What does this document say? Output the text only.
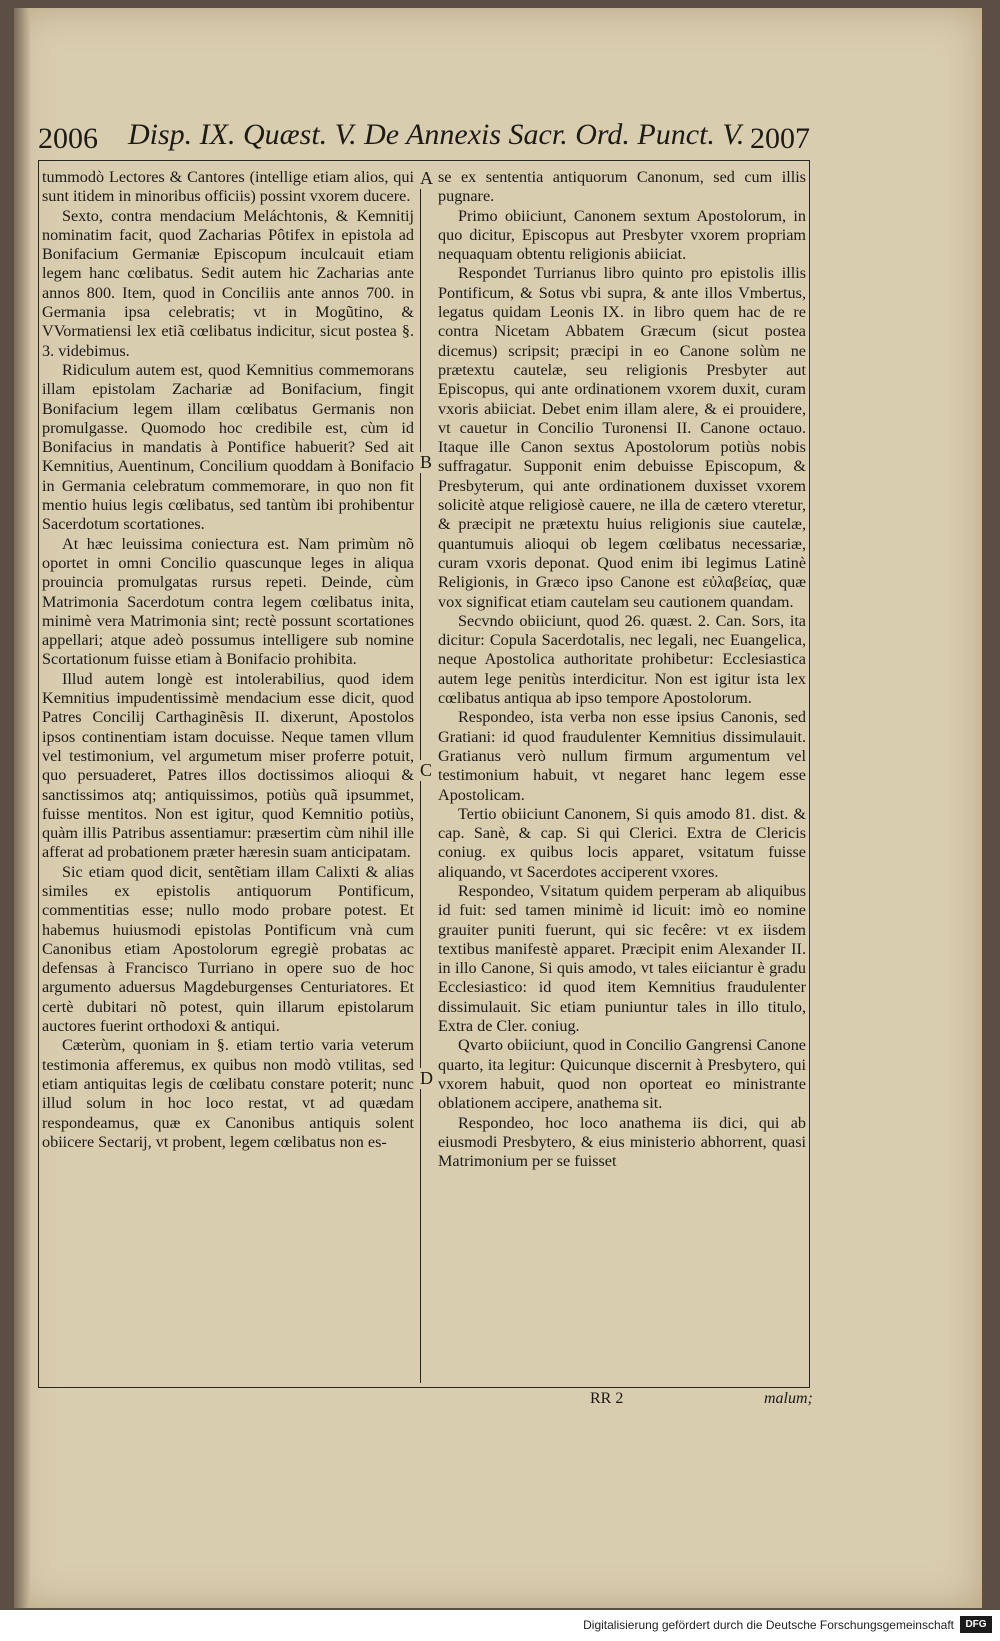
2006 Disp. IX. Quæst. V. De Annexis Sacr. Ord. Punct. V. 2007

tummodò Lectores & Cantores (intellige etiam alios, qui sunt itidem in minoribus officiis) possint vxorem ducere.

Sexto, contra mendacium Meláchtonis, & Kemnitij nominatim facit, quod Zacharias Pôtifex in epistola ad Bonifacium Germaniæ Episcopum inculcauit etiam legem hanc cœlibatus. Sedit autem hic Zacharias ante annos 800. Item, quod in Conciliis ante annos 700. in Germania ipsa celebratis; vt in Mogũtino, & VVormatiensi lex etiã cœlibatus indicitur, sicut postea §. 3. videbimus.

Ridiculum autem est, quod Kemnitius commemorans illam epistolam Zachariæ ad Bonifacium, fingit Bonifacium legem illam cœlibatus Germanis non promulgasse. Quomodo hoc credibile est, cùm id Bonifacius in mandatis à Pontifice habuerit? Sed ait Kemnitius, Auentinum, Concilium quoddam à Bonifacio in Germania celebratum commemorare, in quo non fit mentio huius legis cœlibatus, sed tantùm ibi prohibentur Sacerdotum scortationes.

At hæc leuissima coniectura est. Nam primùm nõ oportet in omni Concilio quascunque leges in aliqua prouincia promulgatas rursus repeti. Deinde, cùm Matrimonia Sacerdotum contra legem cœlibatus inita, minimè vera Matrimonia sint; rectè possunt scortationes appellari; atque adeò possumus intelligere sub nomine Scortationum fuisse etiam à Bonifacio prohibita.

Illud autem longè est intolerabilius, quod idem Kemnitius impudentissimè mendacium esse dicit, quod Patres Concilij Carthaginẽsis II. dixerunt, Apostolos ipsos continentiam istam docuisse. Neque tamen vllum vel testimonium, vel argumetum miser proferre potuit, quo persuaderet, Patres illos doctissimos alioqui & sanctissimos atq; antiquissimos, potiùs quã ipsummet, fuisse mentitos. Non est igitur, quod Kemnitio potiùs, quàm illis Patribus assentiamur: præsertim cùm nihil ille afferat ad probationem præter hæresin suam anticipatam.

Sic etiam quod dicit, sentẽtiam illam Calixti & alias similes ex epistolis antiquorum Pontificum, commentitias esse; nullo modo probare potest. Et habemus huiusmodi epistolas Pontificum vnà cum Canonibus etiam Apostolorum egregiè probatas ac defensas à Francisco Turriano in opere suo de hoc argumento aduersus Magdeburgenses Centuriatores. Et certè dubitari nõ potest, quin illarum epistolarum auctores fuerint orthodoxi & antiqui.

Cæterùm, quoniam in §. etiam tertio varia veterum testimonia afferemus, ex quibus non modò vtilitas, sed etiam antiquitas legis de cœlibatu constare poterit; nunc illud solum in hoc loco restat, vt ad quædam respondeamus, quæ ex Canonibus antiquis solent obiicere Sectarij, vt probent, legem cœlibatus non es-

se ex sententia antiquorum Canonum, sed cum illis pugnare.

Primo obiiciunt, Canonem sextum Apostolorum, in quo dicitur, Episcopus aut Presbyter vxorem propriam nequaquam obtentu religionis abiiciat.

Respondet Turrianus libro quinto pro epistolis illis Pontificum, & Sotus vbi supra, & ante illos Vmbertus, legatus quidam Leonis IX. in libro quem hac de re contra Nicetam Abbatem Græcum (sicut postea dicemus) scripsit; præcipi in eo Canone solùm ne prætextu cautelæ, seu religionis Presbyter aut Episcopus, qui ante ordinationem vxorem duxit, curam vxoris abiiciat. Debet enim illam alere, & ei prouidere, vt cauetur in Concilio Turonensi II. Canone octauo. Itaque ille Canon sextus Apostolorum potiùs nobis suffragatur. Supponit enim debuisse Episcopum, & Presbyterum, qui ante ordinationem duxisset vxorem solicitè atque religiosè cauere, ne illa de cætero vteretur, & præcipit ne prætextu huius religionis siue cautelæ, quantumuis alioqui ob legem cœlibatus necessariæ, curam vxoris deponat. Quod enim ibi legimus Latinè Religionis, in Græco ipso Canone est εὐλαβείας, quæ vox significat etiam cautelam seu cautionem quandam.

Secvndo obiiciunt, quod 26. quæst. 2. Can. Sors, ita dicitur: Copula Sacerdotalis, nec legali, nec Euangelica, neque Apostolica authoritate prohibetur: Ecclesiastica autem lege penitùs interdicitur. Non est igitur ista lex cœlibatus antiqua ab ipso tempore Apostolorum.

Respondeo, ista verba non esse ipsius Canonis, sed Gratiani: id quod fraudulenter Kemnitius dissimulauit. Gratianus verò nullum firmum argumentum vel testimonium habuit, vt negaret hanc legem esse Apostolicam.

Tertio obiiciunt Canonem, Si quis amodo 81. dist. & cap. Sanè, & cap. Si qui Clerici. Extra de Clericis coniug. ex quibus locis apparet, vsitatum fuisse aliquando, vt Sacerdotes acciperent vxores.

Respondeo, Vsitatum quidem perperam ab aliquibus id fuit: sed tamen minimè id licuit: imò eo nomine grauiter puniti fuerunt, qui sic fecêre: vt ex iisdem textibus manifestè apparet. Præcipit enim Alexander II. in illo Canone, Si quis amodo, vt tales eiiciantur è gradu Ecclesiastico: id quod item Kemnitius fraudulenter dissimulauit. Sic etiam puniuntur tales in illo titulo, Extra de Cler. coniug.

Qvarto obiiciunt, quod in Concilio Gangrensi Canone quarto, ita legitur: Quicunque discernit à Presbytero, qui vxorem habuit, quod non oporteat eo ministrante oblationem accipere, anathema sit.

Respondeo, hoc loco anathema iis dici, qui ab eiusmodi Presbytero, & eius ministerio abhorrent, quasi Matrimonium per se fuisset

A
B
C
D
RR 2	malum;
Digitalisierung gefördert durch die Deutsche Forschungsgemeinschaft	DFG
